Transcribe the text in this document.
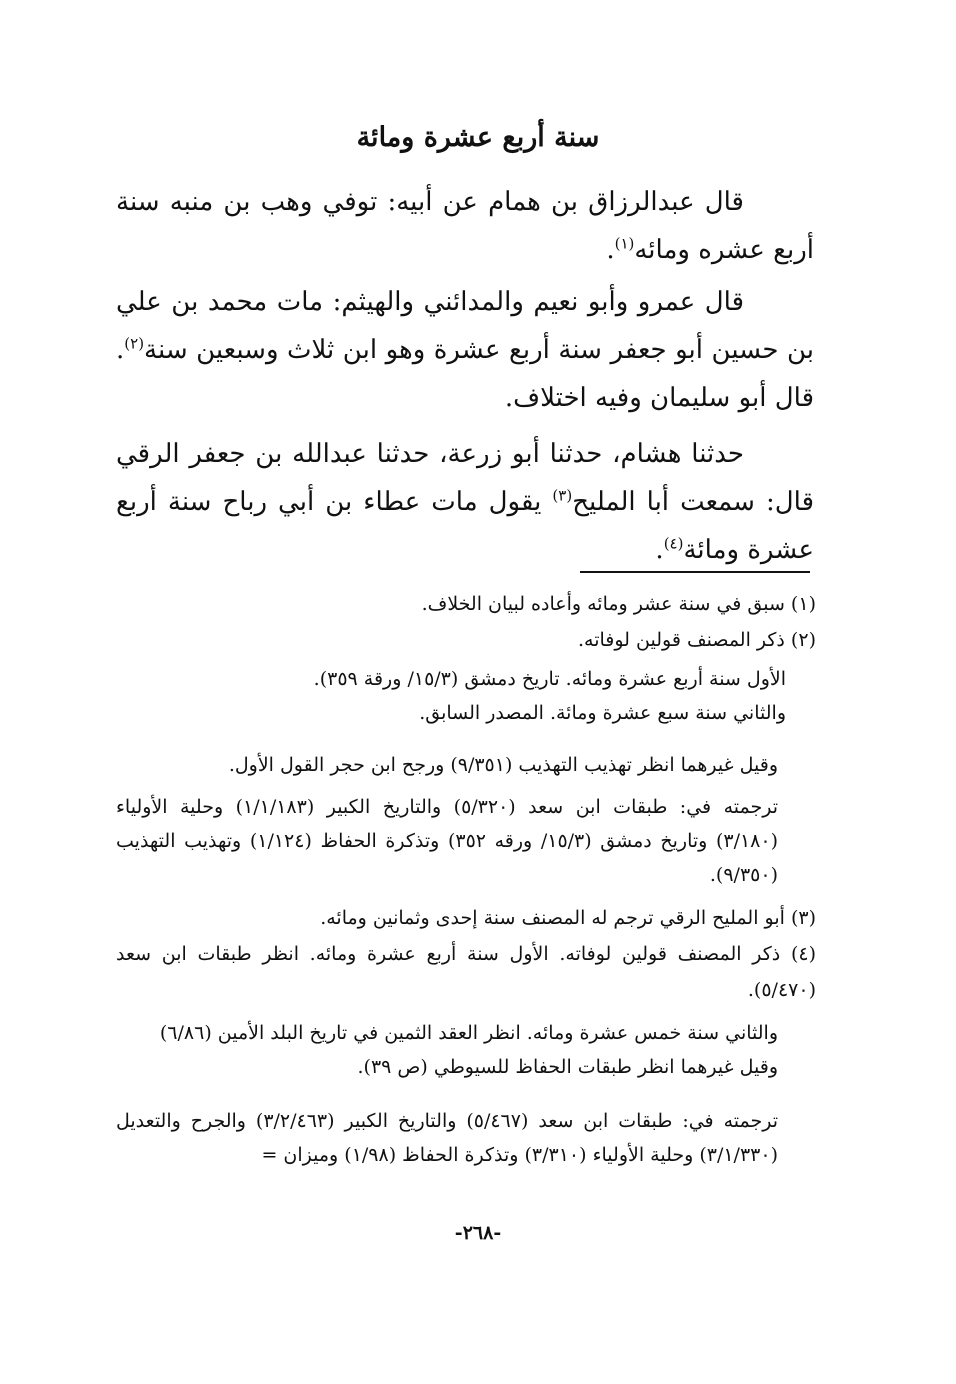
سنة أربع عشرة ومائة

قال عبدالرزاق بن همام عن أبيه: توفي وهب بن منبه سنة أربع عشره ومائه$^{(١)}$.

قال عمرو وأبو نعيم والمدائني والهيثم: مات محمد بن علي بن حسين أبو جعفر سنة أربع عشرة وهو ابن ثلاث وسبعين سنة$^{(٢)}$. قال أبو سليمان وفيه اختلاف.

حدثنا هشام، حدثنا أبو زرعة، حدثنا عبدالله بن جعفر الرقي قال: سمعت أبا المليح$^{(٣)}$ يقول مات عطاء بن أبي رباح سنة أربع عشرة ومائة$^{(٤)}$.

(١) سبق في سنة عشر ومائه وأعاده لبيان الخلاف.

(٢) ذكر المصنف قولين لوفاته.

الأول سنة أربع عشرة ومائه. تاريخ دمشق (١٥/٣/ ورقة ٣٥٩).

والثاني سنة سبع عشرة ومائة. المصدر السابق.

وقيل غيرهما انظر تهذيب التهذيب (٩/٣٥١) ورجح ابن حجر القول الأول.

ترجمته في: طبقات ابن سعد (٥/٣٢٠) والتاريخ الكبير (١/١/١٨٣) وحلية الأولياء (٣/١٨٠) وتاريخ دمشق (١٥/٣/ ورقه ٣٥٢) وتذكرة الحفاظ (١/١٢٤) وتهذيب التهذيب (٩/٣٥٠).

(٣) أبو المليح الرقي ترجم له المصنف سنة إحدى وثمانين ومائه.

(٤) ذكر المصنف قولين لوفاته. الأول سنة أربع عشرة ومائه. انظر طبقات ابن سعد (٥/٤٧٠).

والثاني سنة خمس عشرة ومائه. انظر العقد الثمين في تاريخ البلد الأمين (٦/٨٦)

وقيل غيرهما انظر طبقات الحفاظ للسيوطي (ص ٣٩).

ترجمته في: طبقات ابن سعد (٥/٤٦٧) والتاريخ الكبير (٣/٢/٤٦٣) والجرح والتعديل (٣/١/٣٣٠) وحلية الأولياء (٣/٣١٠) وتذكرة الحفاظ (١/٩٨) وميزان =

-٢٦٨-
